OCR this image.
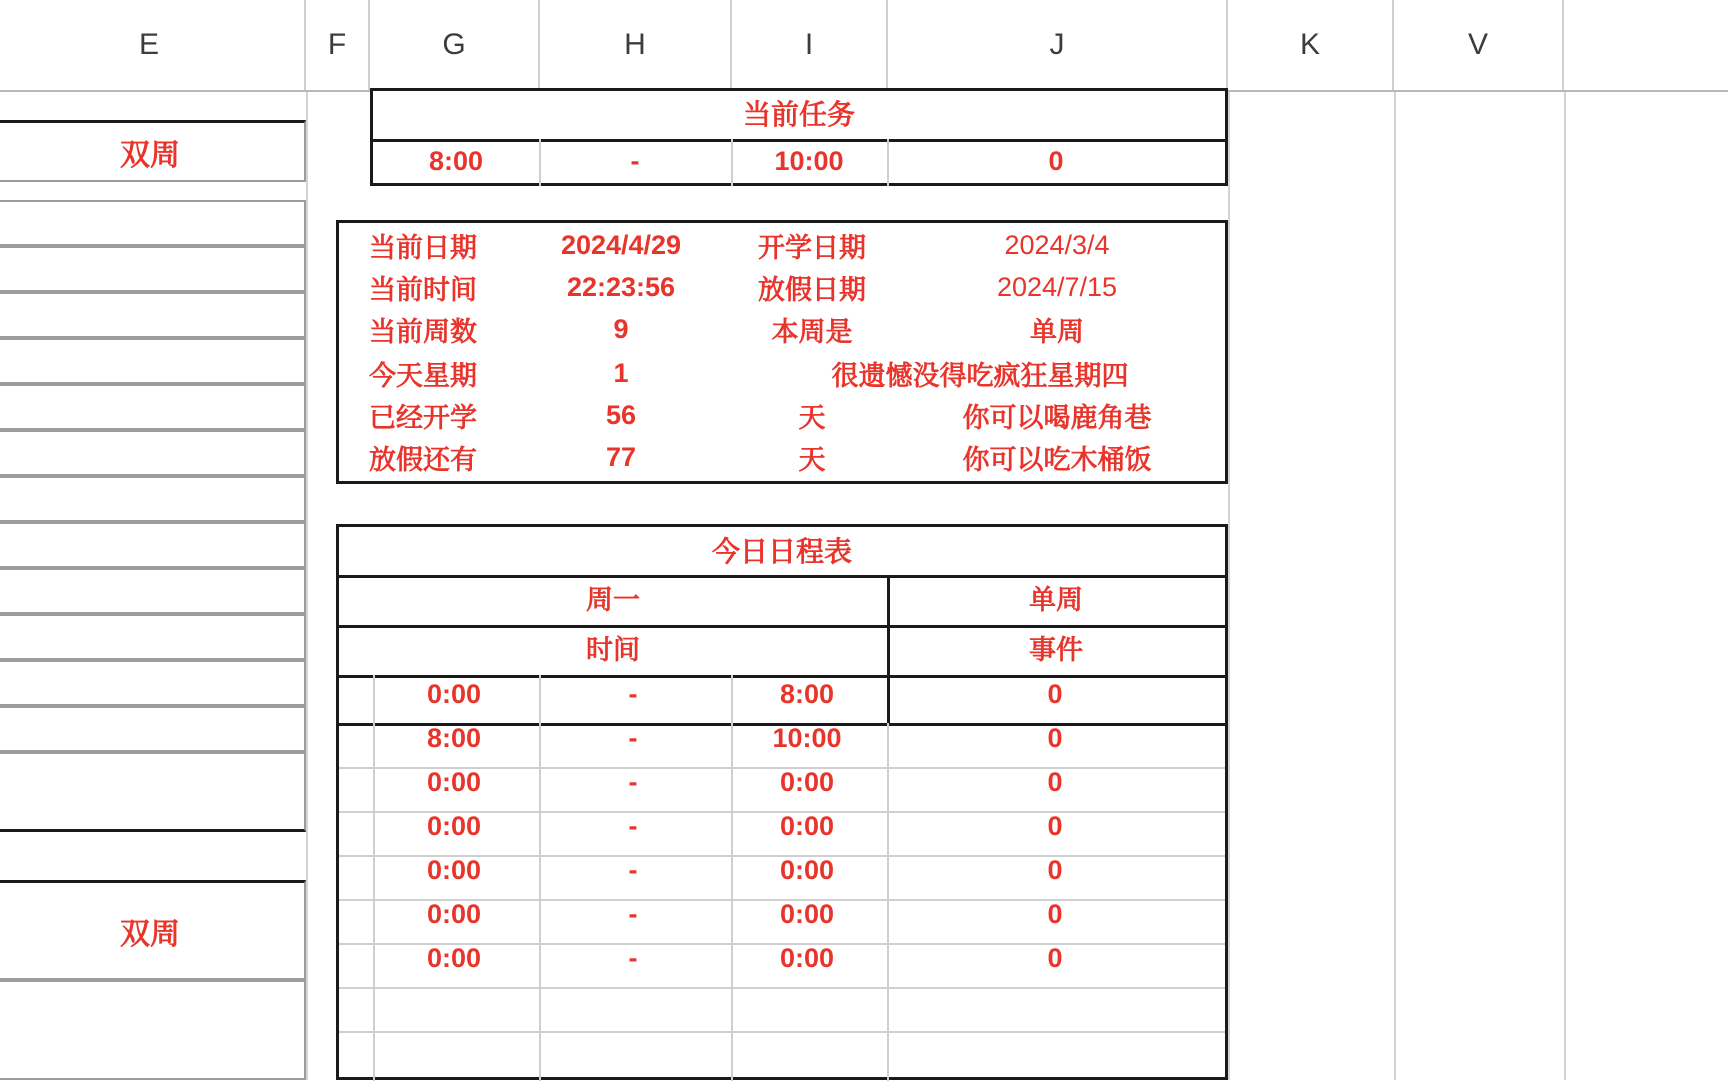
E	F	G	H	I	J	K	V
双周
双周
当前任务
8:00	-	10:00	0
当前日期	2024/4/29	开学日期	2024/3/4
当前时间	22:23:56	放假日期	2024/7/15
当前周数	9	本周是	单周
今天星期	1	很遗憾没得吃疯狂星期四
已经开学	56	天	你可以喝鹿角巷
放假还有	77	天	你可以吃木桶饭
今日日程表
周一	单周
时间	事件
0:00	-	8:00	0
8:00	-	10:00	0
0:00	-	0:00	0
0:00	-	0:00	0
0:00	-	0:00	0
0:00	-	0:00	0
0:00	-	0:00	0
